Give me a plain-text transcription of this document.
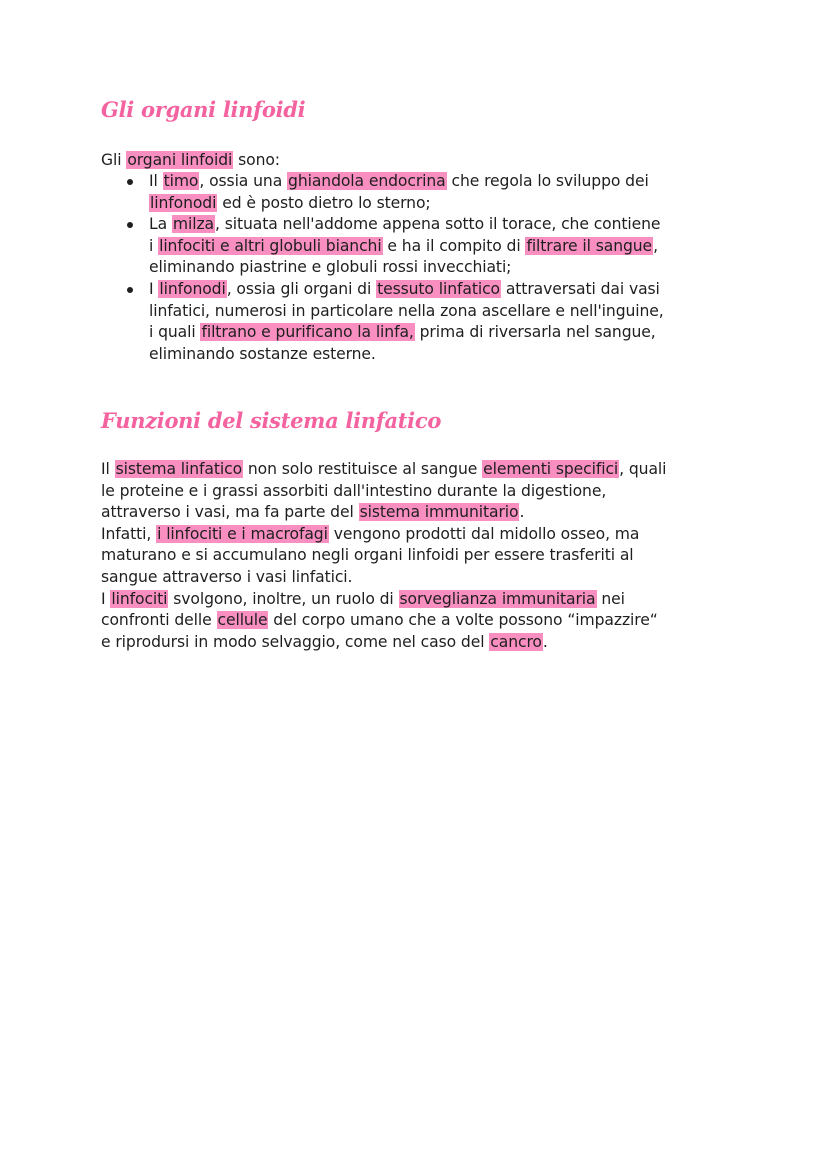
Gli organi linfoidi

Gli organi linfoidi sono:

Il timo, ossia una ghiandola endocrina che regola lo sviluppo dei
linfonodi ed è posto dietro lo sterno;
La milza, situata nell'addome appena sotto il torace, che contiene
i linfociti e altri globuli bianchi e ha il compito di filtrare il sangue,
eliminando piastrine e globuli rossi invecchiati;
I linfonodi, ossia gli organi di tessuto linfatico attraversati dai vasi
linfatici, numerosi in particolare nella zona ascellare e nell'inguine,
i quali filtrano e purificano la linfa, prima di riversarla nel sangue,
eliminando sostanze esterne.
Funzioni del sistema linfatico
Il sistema linfatico non solo restituisce al sangue elementi specifici, quali
le proteine e i grassi assorbiti dall'intestino durante la digestione,
attraverso i vasi, ma fa parte del sistema immunitario.
Infatti, i linfociti e i macrofagi vengono prodotti dal midollo osseo, ma
maturano e si accumulano negli organi linfoidi per essere trasferiti al
sangue attraverso i vasi linfatici.
I linfociti svolgono, inoltre, un ruolo di sorveglianza immunitaria nei
confronti delle cellule del corpo umano che a volte possono “impazzire“
e riprodursi in modo selvaggio, come nel caso del cancro.
